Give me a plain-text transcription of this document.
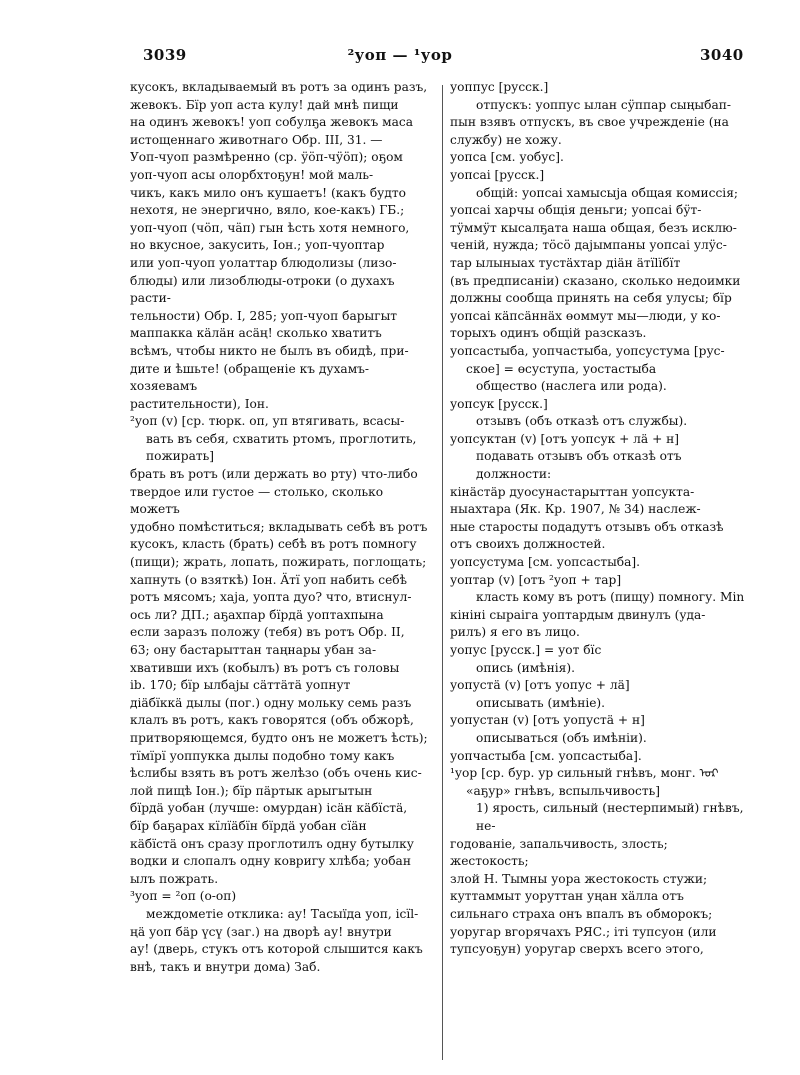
3039	²уоп — ¹уор	3040
кусокъ, вкладываемый въ ротъ за одинъ разъ,
жевокъ. Бїр уоп аста кулу! дай мнѣ пищи
на одинъ жевокъ! уоп собулҕа жевокъ маса
истощеннаго животнаго Обр. III, 31. —
Уоп-чуоп размѣренно (ср. ӱӧп-чӱӧп); оҕом
уоп-чуоп асы олорбхтоҕун! мой маль-
чикъ, какъ мило онъ кушаетъ! (какъ будто
нехотя, не энергично, вяло, кое-какъ) ГБ.;
уоп-чуоп (чӧп, чӓп) гын ѣсть хотя немного,
но вкусное, закусить, Іон.; уоп-чуоптар
или уоп-чуоп уолаттар блюдолизы (лизо-
блюды) или лизоблюды-отроки (о духахъ расти-
тельности) Обр. I, 285; уоп-чуоп барыгыт
маппакка кäлäн асäң! сколько хватитъ
всѣмъ, чтобы никто не былъ въ обидѣ, при-
дите и ѣшьте! (обращеніе къ духамъ-хозяевамъ
растительности), Іон.
²уоп (v) [ср. тюрк. оп, уп втягивать, всасы-
вать въ себя, схватить ртомъ, проглотить,
пожирать]
брать въ ротъ (или держать во рту) что-либо
твердое или густое — столько, сколько можетъ
удобно помѣститься; вкладывать себѣ въ ротъ
кусокъ, класть (брать) себѣ въ ротъ помногу
(пищи); жрать, лопать, пожирать, поглощать;
хапнуть (о взяткѣ) Іон. Äтї уоп набить себѣ
ротъ мясомъ; хаја, уопта дуо? что, втиснул-
ось ли? ДП.; аҕахпар бїрдä уоптахпына
если заразъ положу (тебя) въ ротъ Обр. II,
63; ону бастарыттан таңнары убан за-
хвативши ихъ (кобылъ) въ ротъ съ головы
ib. 170; бїр ылбајы сäттäтä уопнут
діäбїккä дылы (пог.) одну мольку семь разъ
клалъ въ ротъ, какъ говорятся (объ обжорѣ,
притворяющемся, будто онъ не можетъ ѣсть);
тїмїрї уоппукка дылы подобно тому какъ
ѣслибы взять въ ротъ желѣзо (объ очень кис-
лой пищѣ Іон.); бїр пäртык арыгытын
бїрдä уобан (лучше: омурдан) ісäн кäбїстä,
бїр баҕарах кїлїäбїн бїрдä уобан сїäн
кäбїстä онъ сразу проглотилъ одну бутылку
водки и слопалъ одну ковригу хлѣба; уобан
ылъ пожрать.
³уоп = ²оп (о-оп)
междометіе отклика: ау! Тасыïда уоп, ісїl-
ңä уоп бäр үсү (заг.) на дворѣ ау! внутри
ау! (дверь, стукъ отъ которой слышится какъ
внѣ, такъ и внутри дома) Заб.
уоппус [русск.]
отпускъ: уоппус ылан сӱппар сыңыбап-
пын взявъ отпускъ, въ свое учрежденіе (на
службу) не хожу.
уопса [см. уобус].
уопсаі [русск.]
общій: уопсаі хамысыја общая комиссія;
уопсаі харчы общія деньги; уопсаі бӱт-
тӱммӱт кысалҕата наша общая, безъ исклю-
ченій, нужда; тӧсӧ дајымпаны уопсаі улӱс-
тар ылыныах тустäхтар діäн äтїlїбїт
(въ предписаніи) сказано, сколько недоимки
должны сообща принять на себя улусы; бїр
уопсаі кäпсäннäх өоммут мы—люди, у ко-
торыхъ одинъ общій разсказъ.
уопсастыба, уопчастыба, уопсустума [рус-
ское] = өсуступа, уостастыба
общество (наслега или рода).
уопсук [русск.]
отзывъ (объ отказѣ отъ службы).
уопсуктан (v) [отъ уопсук + лä + н]
подавать отзывъ объ отказѣ отъ должности:
кінäстäр дуосунастарыттан уопсукта-
ныахтара (Як. Кр. 1907, № 34) наслеж-
ные старосты подадутъ отзывъ объ отказѣ
отъ своихъ должностей.
уопсустума [см. уопсастыба].
уоптар (v) [отъ ²уоп + тар]
класть кому въ ротъ (пищу) помногу. Міn
кініні сыраіга уоптардым двинулъ (уда-
рилъ) я его въ лицо.
уопус [русск.] = уот бїс
опись (имѣнія).
уопустä (v) [отъ уопус + лä]
описывать (имѣніе).
уопустан (v) [отъ уопустä + н]
описываться (объ имѣніи).
уопчастыба [см. уопсастыба].
¹уор [ср. бур. ур сильный гнѣвъ, монг. ᠤᠷ
«аҕур» гнѣвъ, вспыльчивость]
1) ярость, сильный (нестерпимый) гнѣвъ, не-
годованіе, запальчивость, злость; жестокость;
злой Н. Тымны уора жестокость стужи;
куттаммыт уоруттан уңан хäлла отъ
сильнаго страха онъ впалъ въ обморокъ;
уоругар вгорячахъ РЯС.; іті тупсуон (или
тупсуоҕун) уоругар сверхъ всего этого,
